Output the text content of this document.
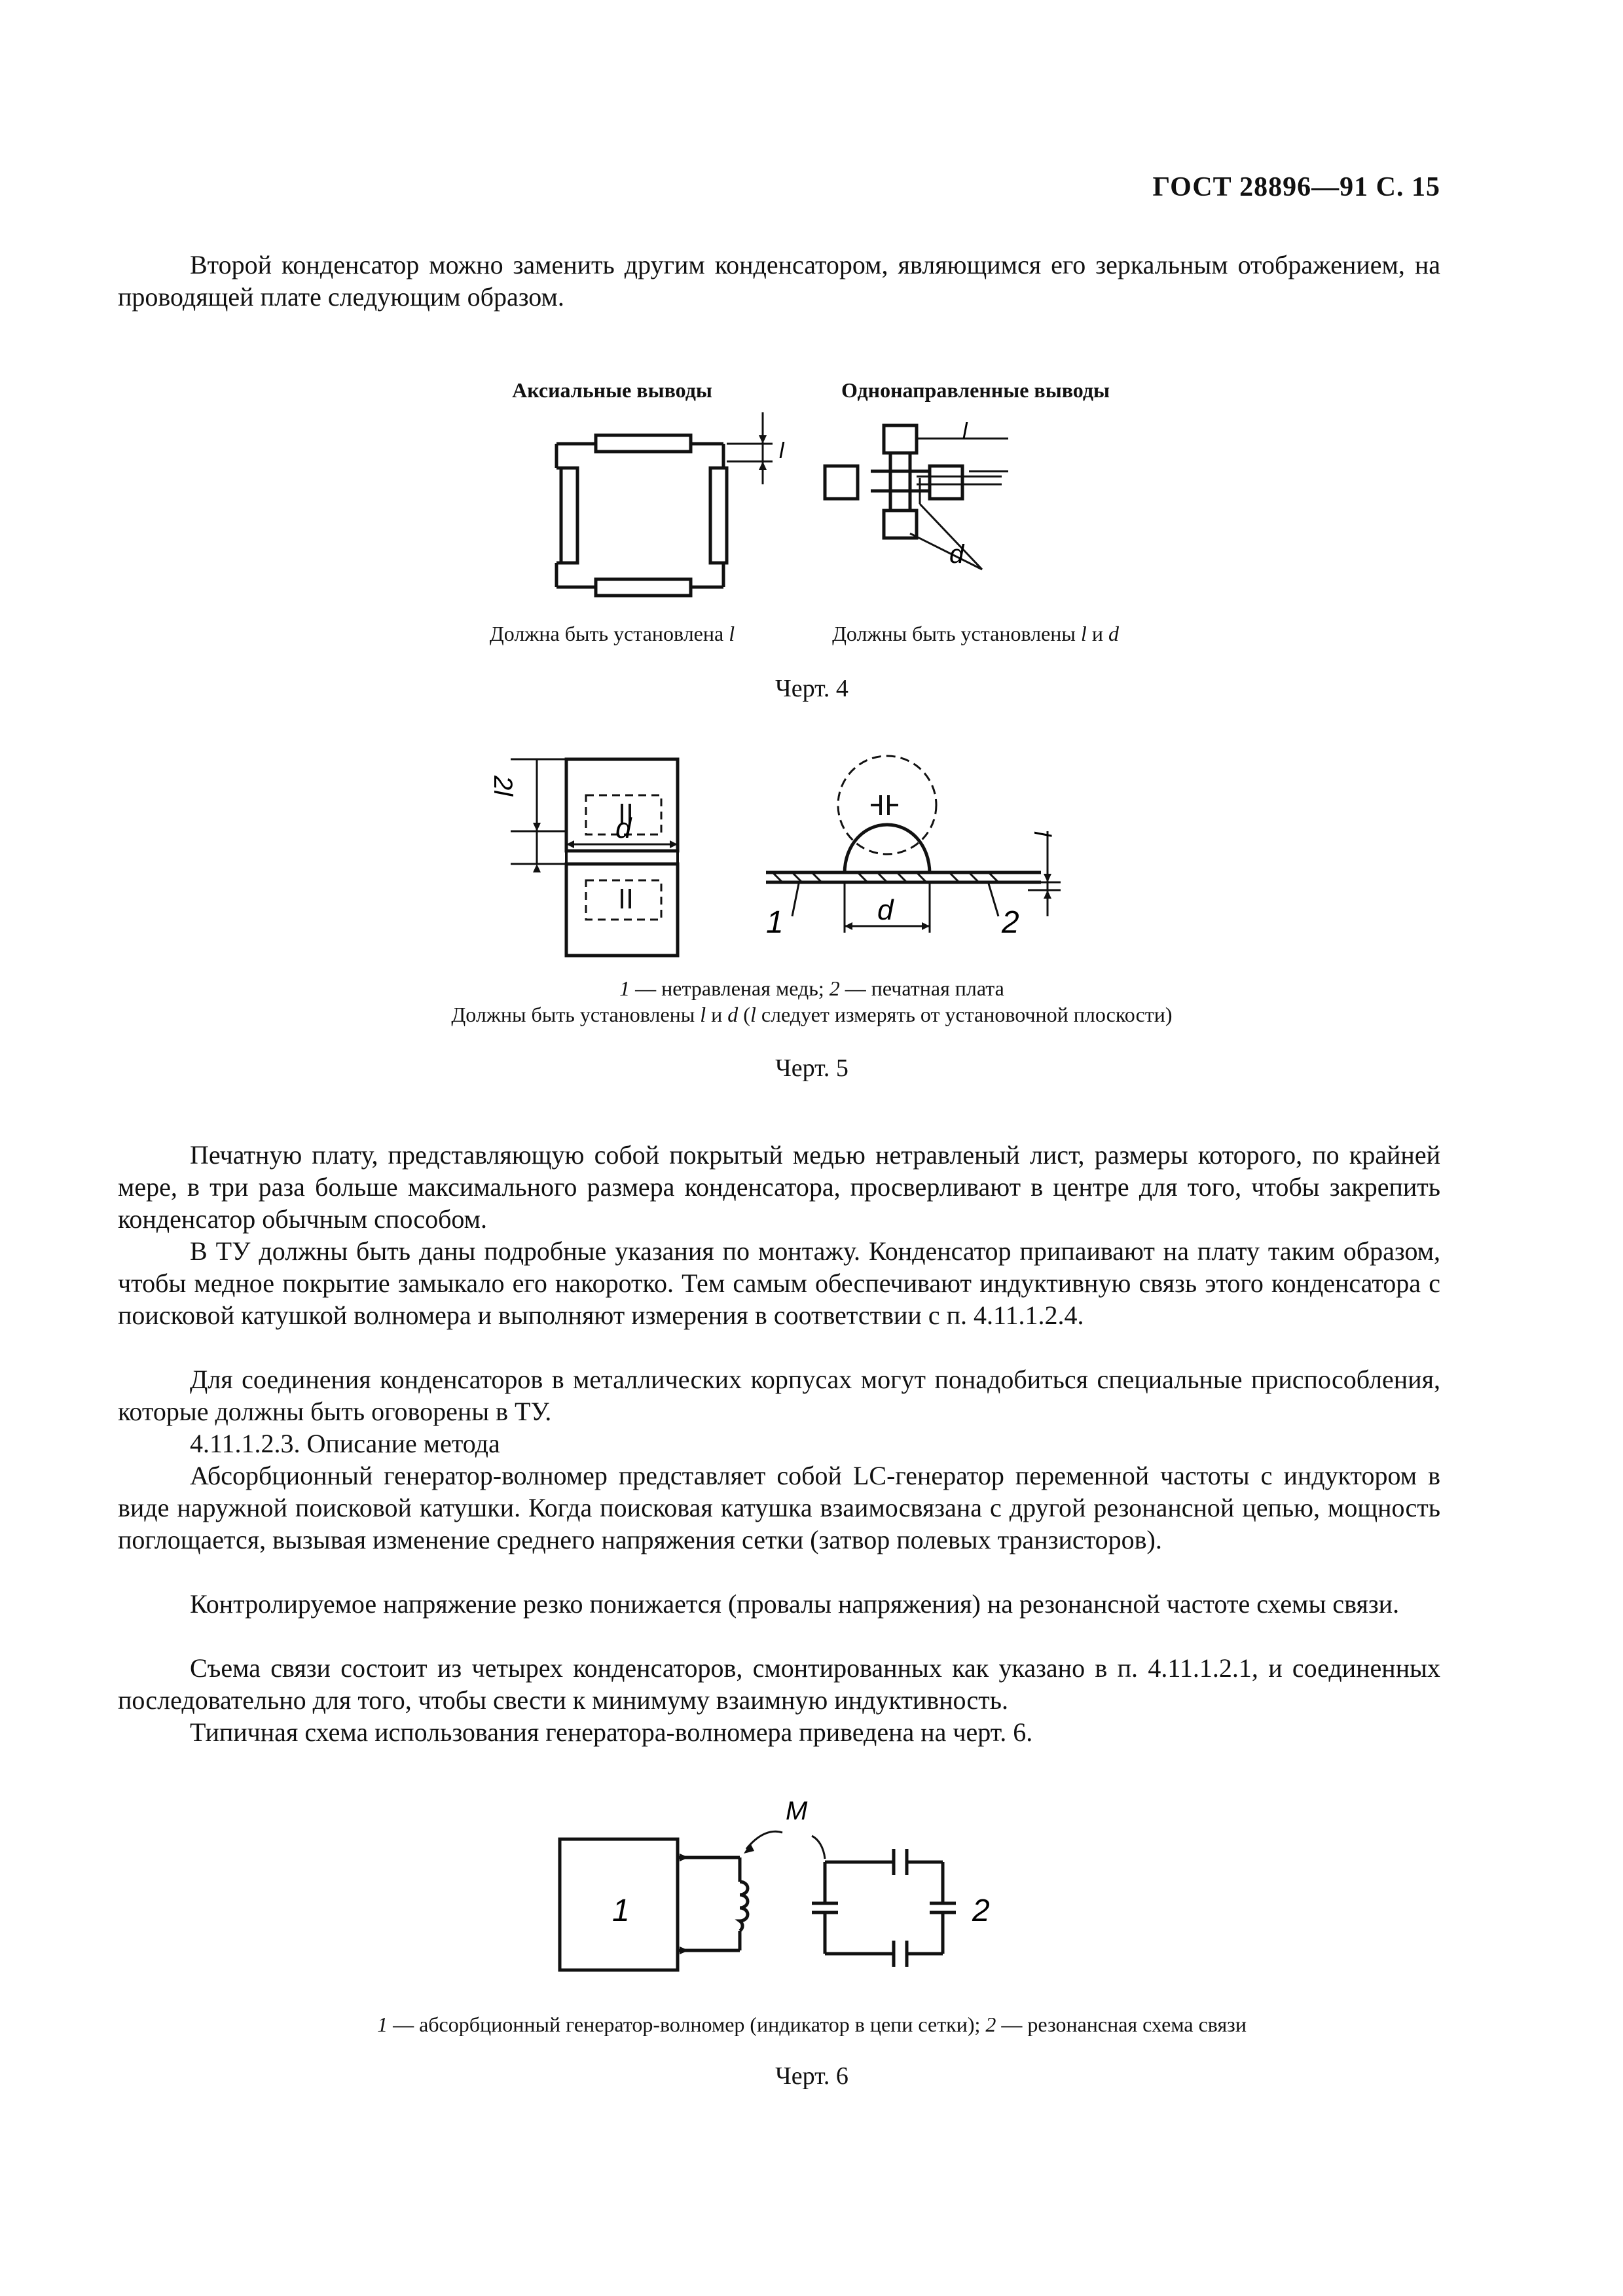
ГОСТ 28896—91 С. 15
Второй конденсатор можно заменить другим конденсатором, являющимся его зеркальным отображением, на проводящей плате следующим образом.
Аксиальные выводы	Однонаправленные выводы
l
l
d
Должна быть установлена l	Должны быть установлены l и d
Черт. 4
2l
d
d
l
1	2
1 — нетравленая медь; 2 — печатная плата
Должны быть установлены l и d (l следует измерять от установочной плоскости)
Черт. 5
Печатную плату, представляющую собой покрытый медью нетравленый лист, размеры которого, по крайней мере, в три раза больше максимального размера конденсатора, просверливают в центре для того, чтобы закрепить конденсатор обычным способом.
В ТУ должны быть даны подробные указания по монтажу. Конденсатор припаивают на плату таким образом, чтобы медное покрытие замыкало его накоротко. Тем самым обеспечивают индуктивную связь этого конденсатора с поисковой катушкой волномера и выполняют измерения в соответствии с п. 4.11.1.2.4.
Для соединения конденсаторов в металлических корпусах могут понадобиться специальные приспособления, которые должны быть оговорены в ТУ.
4.11.1.2.3. Описание метода
Абсорбционный генератор-волномер представляет собой LC-генератор переменной частоты с индуктором в виде наружной поисковой катушки. Когда поисковая катушка взаимосвязана с другой резонансной цепью, мощность поглощается, вызывая изменение среднего напряжения сетки (затвор полевых транзисторов).
Контролируемое напряжение резко понижается (провалы напряжения) на резонансной частоте схемы связи.
Съема связи состоит из четырех конденсаторов, смонтированных как указано в п. 4.11.1.2.1, и соединенных последовательно для того, чтобы свести к минимуму взаимную индуктивность.
Типичная схема использования генератора-волномера приведена на черт. 6.
M
1	2
1 — абсорбционный генератор-волномер (индикатор в цепи сетки); 2 — резонансная схема связи
Черт. 6
